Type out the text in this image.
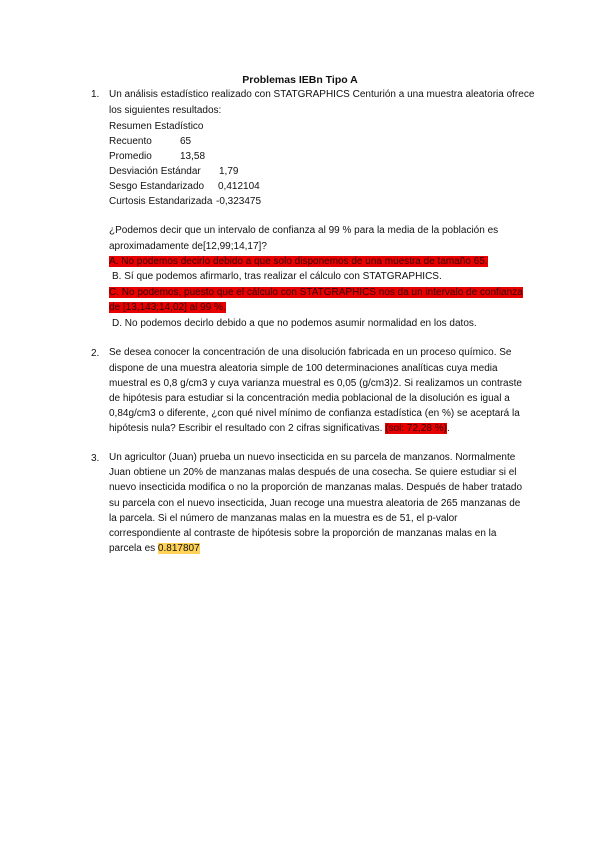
Problemas IEBn Tipo A
1. Un análisis estadístico realizado con STATGRAPHICS Centurión a una muestra aleatoria ofrece
los siguientes resultados:
Resumen Estadístico
Recuento	65
Promedio	13,58
Desviación Estándar 1,79
Sesgo Estandarizado 0,412104
Curtosis Estandarizada -0,323475
¿Podemos decir que un intervalo de confianza al 99 % para la media de la población es
aproximadamente de[12,99;14,17]?
A. No podemos decirlo debido a que solo disponemos de una muestra de tamaño 65.
B. Sí que podemos afirmarlo, tras realizar el cálculo con STATGRAPHICS.
C. No podemos, puesto que el cálculo con STATGRAPHICS nos da un intervalo de confianza
de [13,143;14,02] al 99 %.
D. No podemos decirlo debido a que no podemos asumir normalidad en los datos.
2. Se desea conocer la concentración de una disolución fabricada en un proceso químico. Se
dispone de una muestra aleatoria simple de 100 determinaciones analíticas cuya media
muestral es 0,8 g/cm3 y cuya varianza muestral es 0,05 (g/cm3)2. Si realizamos un contraste
de hipótesis para estudiar si la concentración media poblacional de la disolución es igual a
0,84g/cm3 o diferente, ¿con qué nivel mínimo de confianza estadística (en %) se aceptará la
hipótesis nula? Escribir el resultado con 2 cifras significativas. (sol: 72,28 %).
3. Un agricultor (Juan) prueba un nuevo insecticida en su parcela de manzanos. Normalmente
Juan obtiene un 20% de manzanas malas después de una cosecha. Se quiere estudiar si el
nuevo insecticida modifica o no la proporción de manzanas malas. Después de haber tratado
su parcela con el nuevo insecticida, Juan recoge una muestra aleatoria de 265 manzanas de
la parcela. Si el número de manzanas malas en la muestra es de 51, el p-valor
correspondiente al contraste de hipótesis sobre la proporción de manzanas malas en la
parcela es 0.817807
